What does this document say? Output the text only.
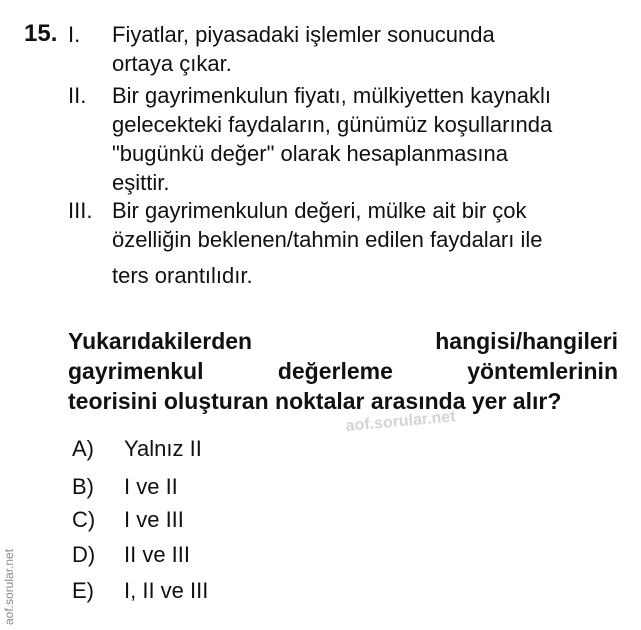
15. I. Fiyatlar, piyasadaki işlemler sonucunda
ortaya çıkar.
II. Bir gayrimenkulun fiyatı, mülkiyetten kaynaklı
gelecekteki faydaların, günümüz koşullarında
"bugünkü değer" olarak hesaplanmasına
eşittir.
III. Bir gayrimenkulun değeri, mülke ait bir çok
özelliğin beklenen/tahmin edilen faydaları ile
ters orantılıdır.
Yukarıdakilerden	hangisi/hangileri
gayrimenkul	değerleme	yöntemlerinin
teorisini oluşturan noktalar arasında yer alır?
aof.sorular.net
aof.sorular.net
A) Yalnız II
B) I ve II
C) I ve III
D) II ve III
E) I, II ve III
